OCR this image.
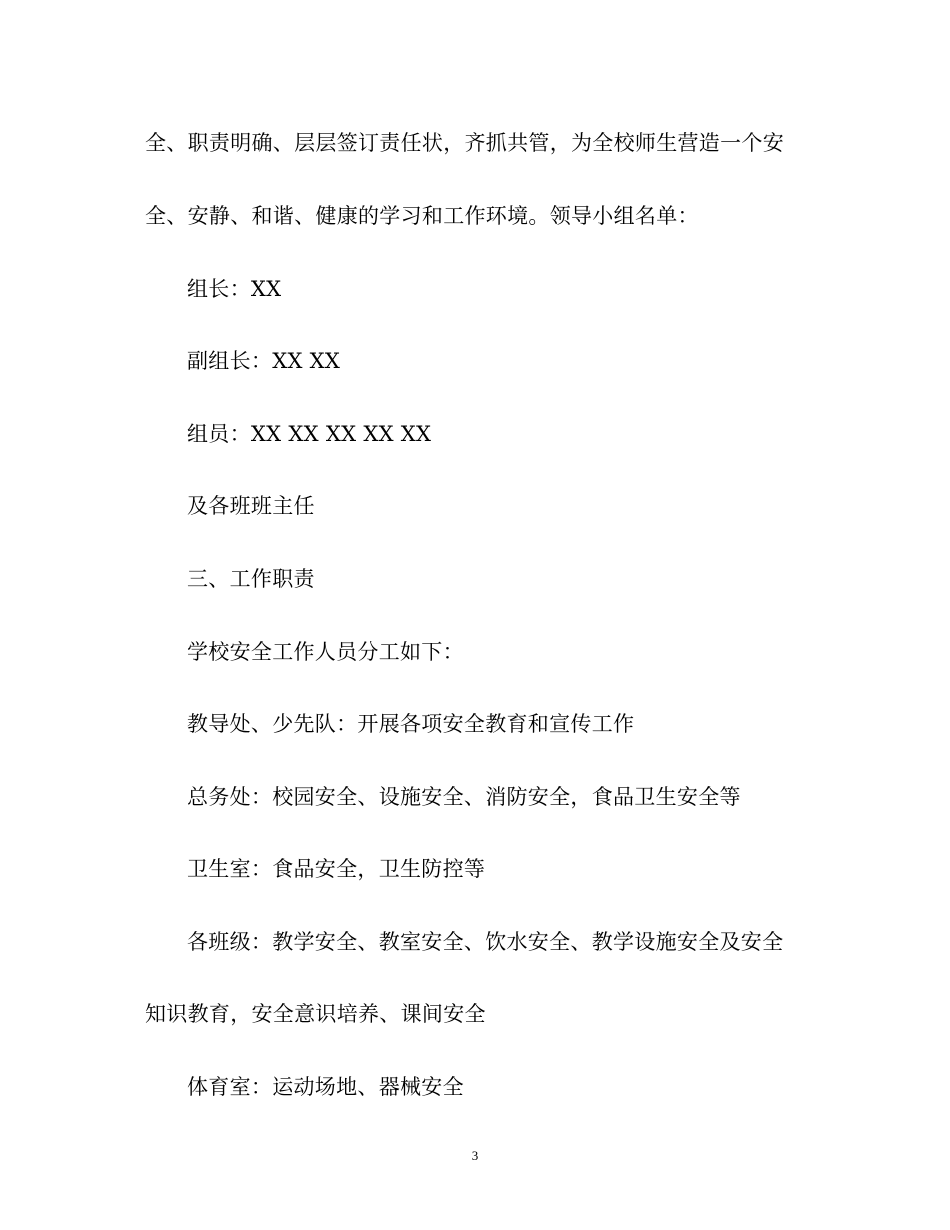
全、职责明确、层层签订责任状，齐抓共管，为全校师生营造一个安
全、安静、和谐、健康的学习和工作环境。领导小组名单：
组长：XX
副组长：XX XX
组员：XX XX XX XX XX
及各班班主任
三、工作职责
学校安全工作人员分工如下：
教导处、少先队：开展各项安全教育和宣传工作
总务处：校园安全、设施安全、消防安全，食品卫生安全等
卫生室：食品安全，卫生防控等
各班级：教学安全、教室安全、饮水安全、教学设施安全及安全
知识教育，安全意识培养、课间安全
体育室：运动场地、器械安全
3
